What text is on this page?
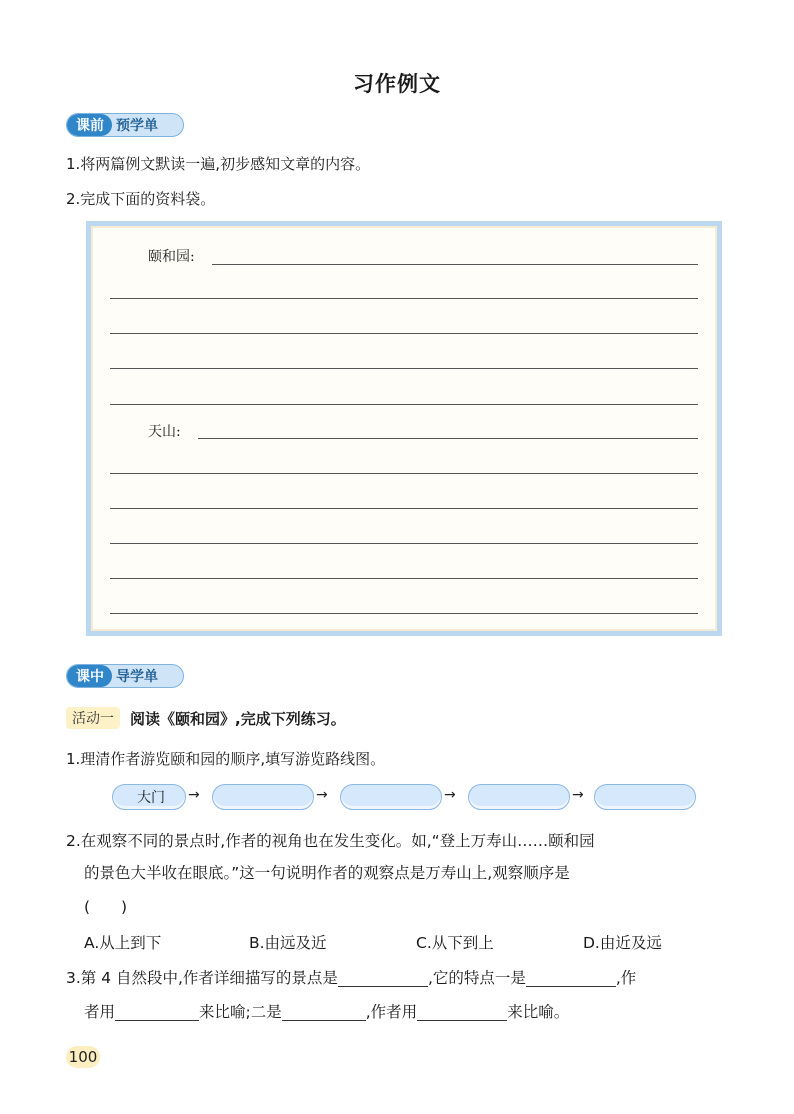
习作例文
课前 预学单
1.将两篇例文默读一遍,初步感知文章的内容。
2.完成下面的资料袋。
颐和园:
天山:
课中 导学单
活动一	阅读《颐和园》,完成下列练习。
1.理清作者游览颐和园的顺序,填写游览路线图。
大门 →	→	→	→
2.在观察不同的景点时,作者的视角也在发生变化。如,“登上万寿山……颐和园
的景色大半收在眼底。”这一句说明作者的观察点是万寿山上,观察顺序是
(　　)
A.从上到下	B.由远及近	C.从下到上	D.由近及远
3.第 4 自然段中,作者详细描写的景点是	,它的特点一是	,作
者用	来比喻;二是	,作者用	来比喻。
100
